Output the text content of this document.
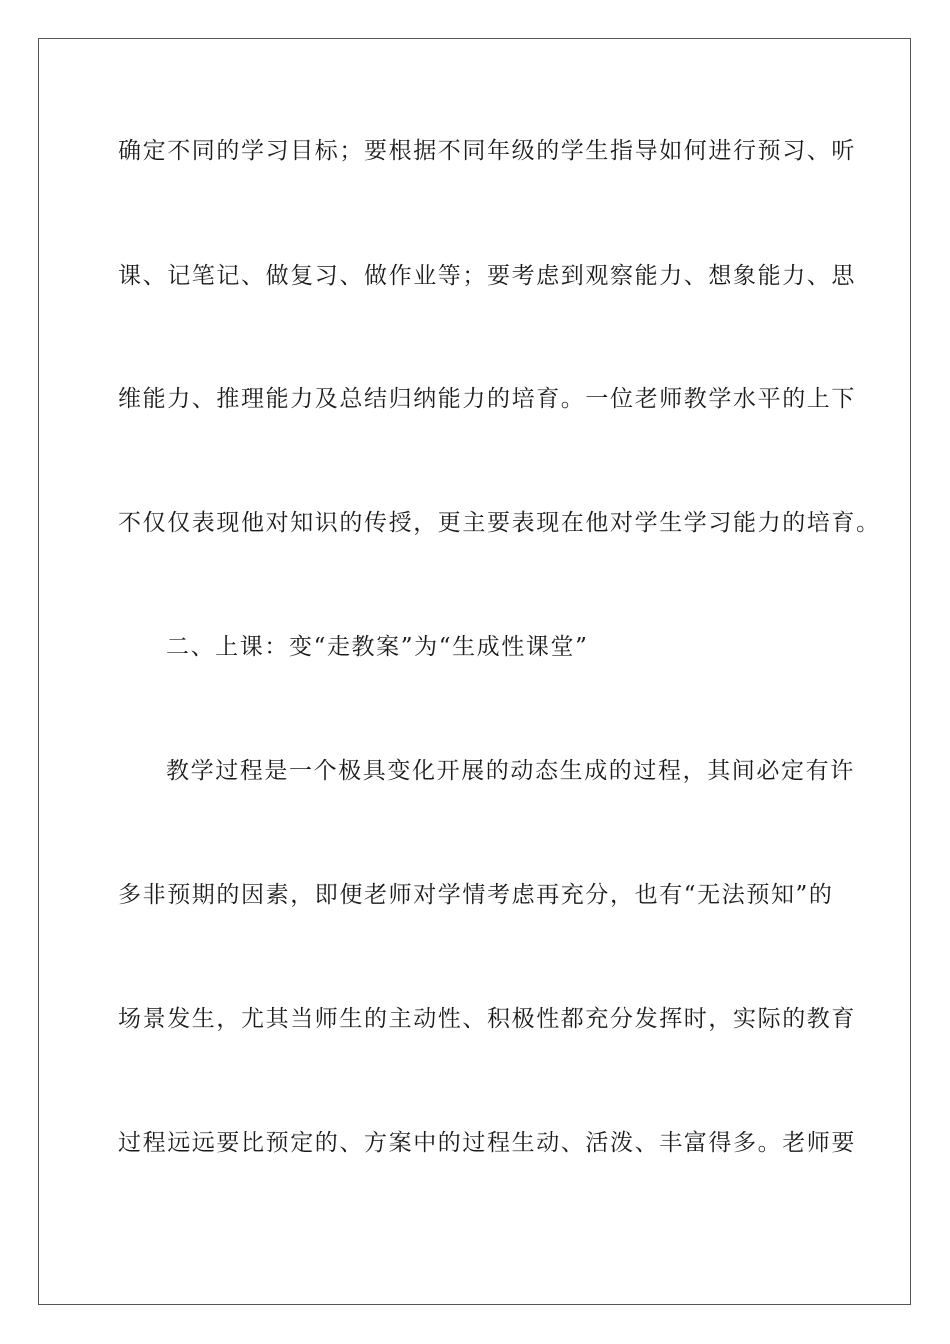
确定不同的学习目标；要根据不同年级的学生指导如何进行预习、听
课、记笔记、做复习、做作业等；要考虑到观察能力、想象能力、思
维能力、推理能力及总结归纳能力的培育。一位老师教学水平的上下
不仅仅表现他对知识的传授，更主要表现在他对学生学习能力的培育。
二、上课：变“走教案”为“生成性课堂”
教学过程是一个极具变化开展的动态生成的过程，其间必定有许
多非预期的因素，即便老师对学情考虑再充分，也有“无法预知”的
场景发生，尤其当师生的主动性、积极性都充分发挥时，实际的教育
过程远远要比预定的、方案中的过程生动、活泼、丰富得多。老师要
